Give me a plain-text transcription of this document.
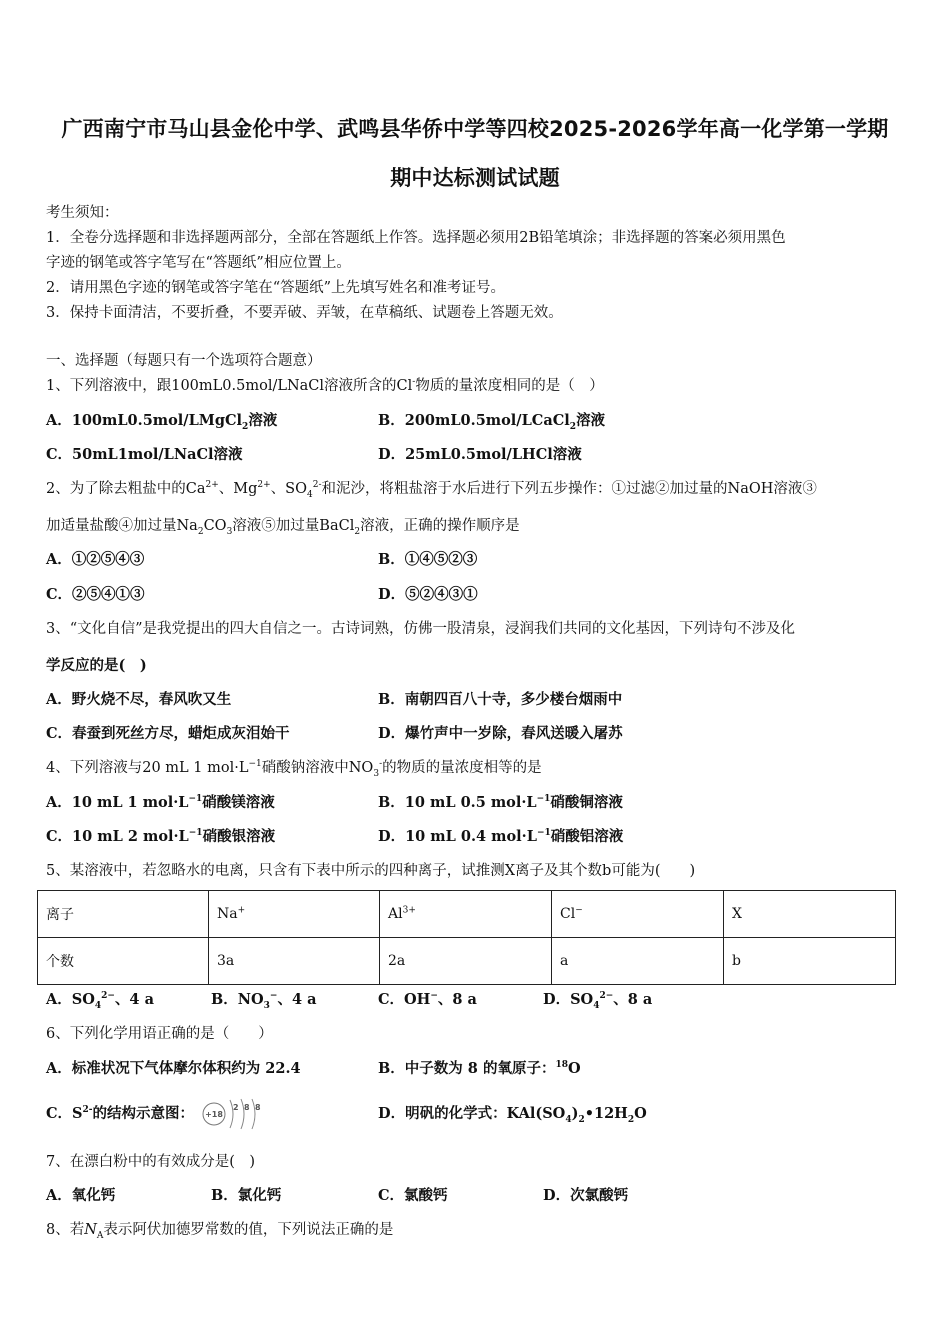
广西南宁市马山县金伦中学、武鸣县华侨中学等四校2025-2026学年高一化学第一学期
期中达标测试试题
考生须知：
1．全卷分选择题和非选择题两部分，全部在答题纸上作答。选择题必须用2B铅笔填涂；非选择题的答案必须用黑色
字迹的钢笔或答字笔写在“答题纸”相应位置上。
2．请用黑色字迹的钢笔或答字笔在“答题纸”上先填写姓名和准考证号。
3．保持卡面清洁，不要折叠，不要弄破、弄皱，在草稿纸、试题卷上答题无效。
一、选择题（每题只有一个选项符合题意）
1、下列溶液中，跟100mL0.5mol/LNaCl溶液所含的Cl-物质的量浓度相同的是（　）
A．100mL0.5mol/LMgCl$_2$溶液	B．200mL0.5mol/LCaCl$_2$溶液
C．50mL1mol/LNaCl溶液	D．25mL0.5mol/LHCl溶液
2、为了除去粗盐中的$Ca^{2+}$、$Mg^{2+}$、$SO_4^{2-}$和泥沙，将粗盐溶于水后进行下列五步操作：①过滤②加过量的NaOH溶液③
加适量盐酸④加过量$Na_2CO_3$溶液⑤加过量BaCl$_2$溶液，正确的操作顺序是
A．①②⑤④③	B．①④⑤②③
C．②⑤④①③	D．⑤②④③①
3、“文化自信”是我党提出的四大自信之一。古诗词熟，仿佛一股清泉，浸润我们共同的文化基因，下列诗句不涉及化
学反应的是(　)
A．野火烧不尽，春风吹又生	B．南朝四百八十寺，多少楼台烟雨中
C．春蚕到死丝方尽，蜡炬成灰泪始干	D．爆竹声中一岁除，春风送暖入屠苏
4、下列溶液与20 mL 1 $mol\cdot L^{-1}$硝酸钠溶液中$NO_3^-$的物质的量浓度相等的是
A．10 mL 1 $mol\cdot L^{-1}$硝酸镁溶液	B．10 mL 0.5 $mol\cdot L^{-1}$硝酸铜溶液
C．10 mL 2 $mol\cdot L^{-1}$硝酸银溶液	D．10 mL 0.4 $mol\cdot L^{-1}$硝酸铝溶液
5、某溶液中，若忽略水的电离，只含有下表中所示的四种离子，试推测X离子及其个数b可能为(　　)
离子	Na+	$Al^{3+}$	Cl−	X
个数	3a	2a	a	b
A．$SO_4^{2-}$、4 a	B．$NO_3^-$、4 a	C．OH−、8 a	D．$SO_4^{2-}$、8 a
6、下列化学用语正确的是（　　）
A．标准状况下气体摩尔体积约为 22.4	B．中子数为 8 的氧原子：$^{18}$O
C．$S^{2-}$的结构示意图： +18
2 8 8	D．明矾的化学式：$KAl(SO_4)_2•12H_2O$
7、在漂白粉中的有效成分是(　)
A．氧化钙	B．氯化钙	C．氯酸钙	D．次氯酸钙
8、若$N_A$表示阿伏加德罗常数的值，下列说法正确的是
